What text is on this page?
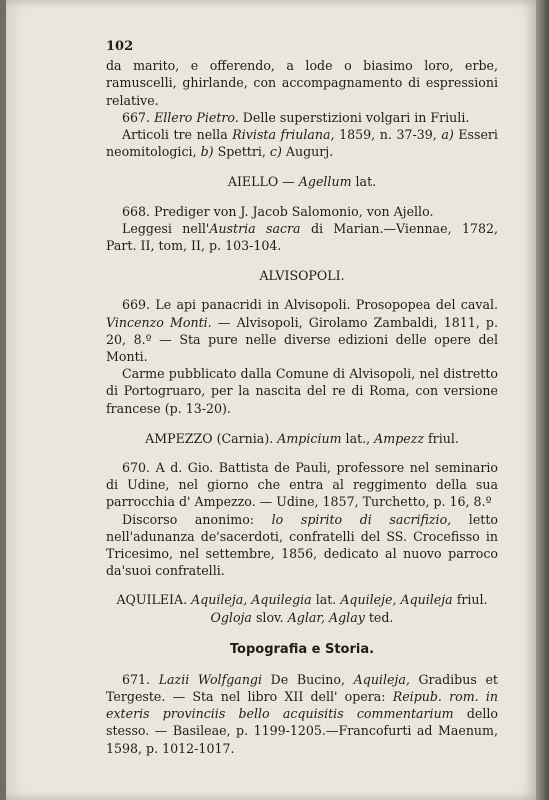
102

da marito, e offerendo, a lode o biasimo loro, erbe, ramuscelli, ghirlande, con accompagnamento di espressioni relative.

667. Ellero Pietro. Delle superstizioni volgari in Friuli.

Articoli tre nella Rivista friulana, 1859, n. 37-39, a) Esseri neomitologici, b) Spettri, c) Augurj.

AIELLO — Agellum lat.

668. Prediger von J. Jacob Salomonio, von Ajello.

Leggesi nell'Austria sacra di Marian.—Viennae, 1782, Part. II, tom, II, p. 103-104.

ALVISOPOLI.

669. Le api panacridi in Alvisopoli. Prosopopea del caval. Vincenzo Monti. — Alvisopoli, Girolamo Zambaldi, 1811, p. 20, 8.º — Sta pure nelle diverse edizioni delle opere del Monti.

Carme pubblicato dalla Comune di Alvisopoli, nel distretto di Portogruaro, per la nascita del re di Roma, con versione francese (p. 13-20).

AMPEZZO (Carnia). Ampicium lat., Ampezz friul.

670. A d. Gio. Battista de Pauli, professore nel seminario di Udine, nel giorno che entra al reggimento della sua parrocchia d' Ampezzo. — Udine, 1857, Turchetto, p. 16, 8.º

Discorso anonimo: lo spirito di sacrifizio, letto nell'adunanza de'sacerdoti, confratelli del SS. Crocefisso in Tricesimo, nel settembre, 1856, dedicato al nuovo parroco da'suoi confratelli.

AQUILEIA. Aquileja, Aquilegia lat. Aquileje, Aquileja friul.
Ogloja slov. Aglar, Aglay ted.
Topografia e Storia.

671. Lazii Wolfgangi De Bucino, Aquileja, Gradibus et Tergeste. — Sta nel libro XII dell' opera: Reipub. rom. in exteris provinciis bello acquisitis commentarium dello stesso. — Basileae, p. 1199-1205.—Francofurti ad Maenum, 1598, p. 1012-1017.
